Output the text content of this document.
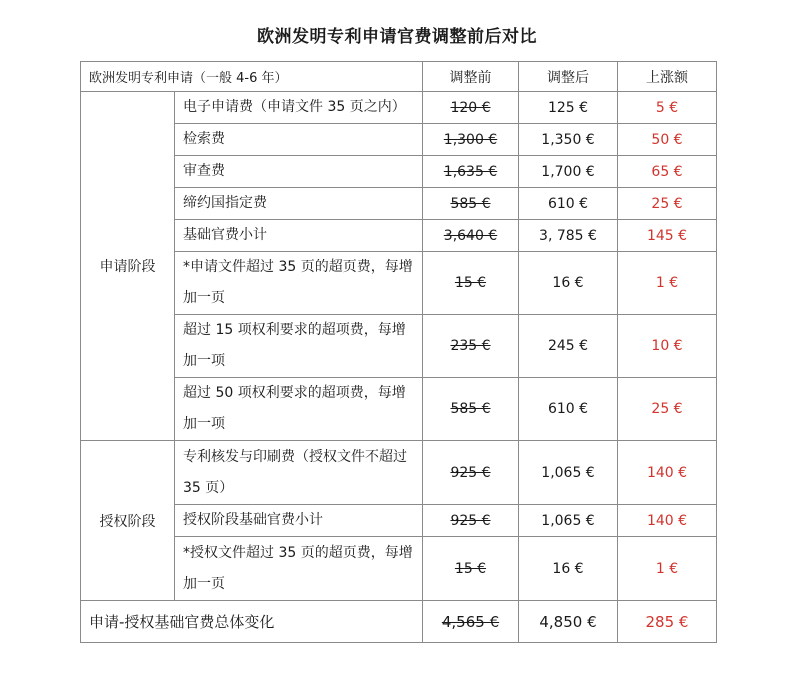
欧洲发明专利申请官费调整前后对比
欧洲发明专利申请（一般 4-6 年）		调整前	调整后	上涨额
申请阶段	电子申请费（申请文件 35 页之内）	120 €	125 €	5 €
	检索费	1,300 €	1,350 €	50 €
	审查费	1,635 €	1,700 €	65 €
	缔约国指定费	585 €	610 €	25 €
	基础官费小计	3,640 €	3, 785 €	145 €
	*申请文件超过 35 页的超页费，每增加一页	15 €	16 €	1 €
	超过 15 项权利要求的超项费，每增加一项	235 €	245 €	10 €
	超过 50 项权利要求的超项费，每增加一项	585 €	610 €	25 €
授权阶段	专利核发与印刷费（授权文件不超过 35 页）	925 €	1,065 €	140 €
	授权阶段基础官费小计	925 €	1,065 €	140 €
	*授权文件超过 35 页的超页费，每增加一页	15 €	16 €	1 €
申请-授权基础官费总体变化		4,565 €	4,850 €	285 €
